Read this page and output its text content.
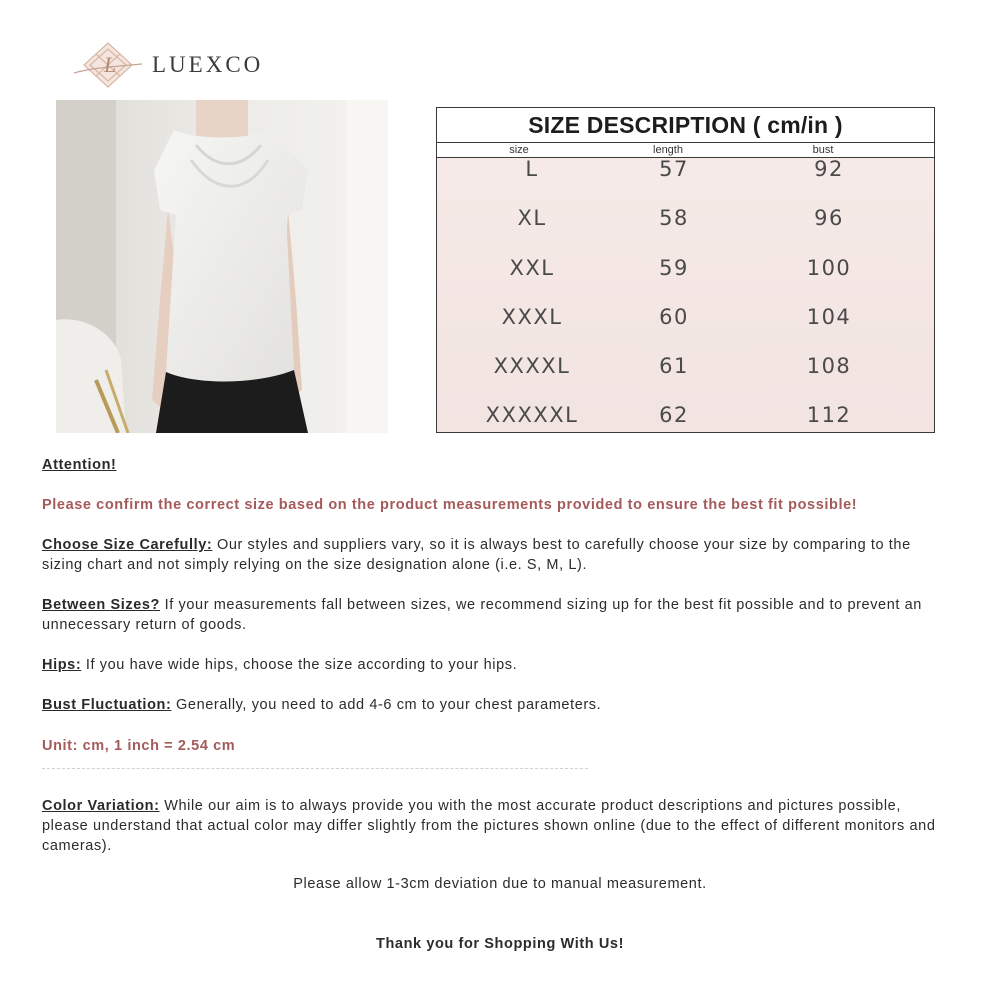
L LUEXCO
SIZE DESCRIPTION ( cm/in )
size	length	bust
L	57	92
XL	58	96
XXL	59	100
XXXL	60	104
XXXXL	61	108
XXXXXL	62	112
Attention!
Please confirm the correct size based on the product measurements provided to ensure the best fit possible!
Choose Size Carefully: Our styles and suppliers vary, so it is always best to carefully choose your size by comparing to the sizing chart and not simply relying on the size designation alone (i.e. S, M, L).
Between Sizes? If your measurements fall between sizes, we recommend sizing up for the best fit possible and to prevent an unnecessary return of goods.
Hips: If you have wide hips, choose the size according to your hips.
Bust Fluctuation: Generally, you need to add 4-6 cm to your chest parameters.
Unit: cm, 1 inch = 2.54 cm
Color Variation: While our aim is to always provide you with the most accurate product descriptions and pictures possible, please understand that actual color may differ slightly from the pictures shown online (due to the effect of different monitors and cameras).
Please allow 1-3cm deviation due to manual measurement.
Thank you for Shopping With Us!
